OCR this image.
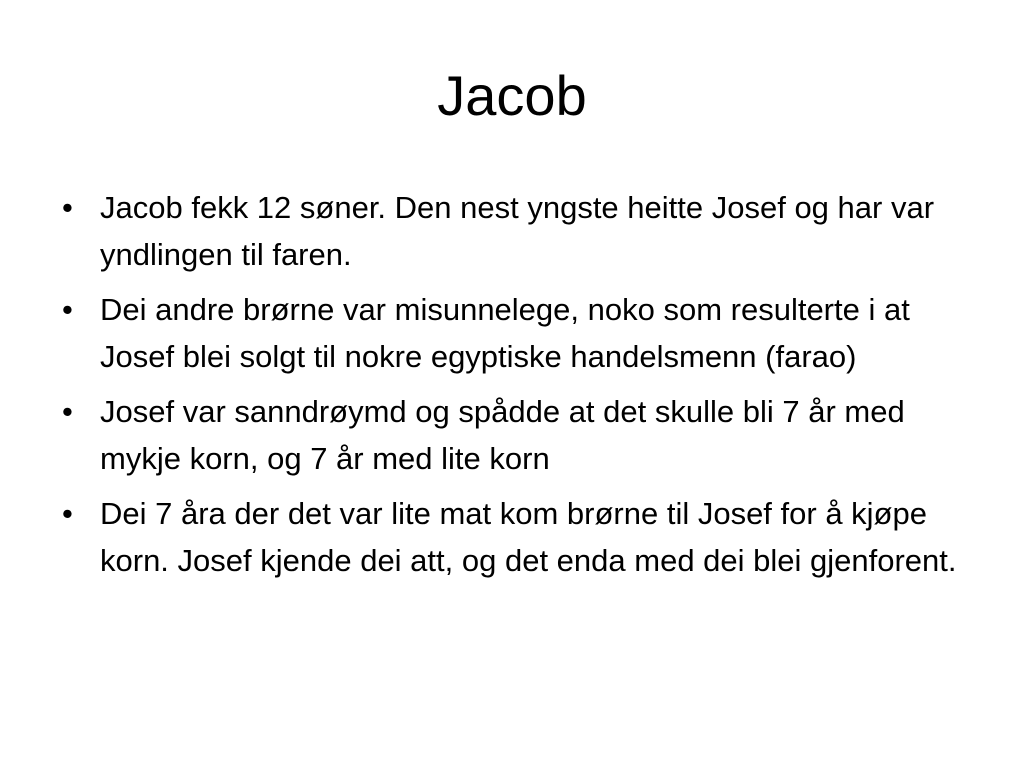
Jacob
• Jacob fekk 12 søner. Den nest yngste heitte Josef og har var yndlingen til faren.
• Dei andre brørne var misunnelege, noko som resulterte i at Josef blei solgt til nokre egyptiske handelsmenn (farao)
• Josef var sanndrøymd og spådde at det skulle bli 7 år med mykje korn, og 7 år med lite korn
• Dei 7 åra der det var lite mat kom brørne til Josef for å kjøpe korn. Josef kjende dei att, og det enda med dei blei gjenforent.
